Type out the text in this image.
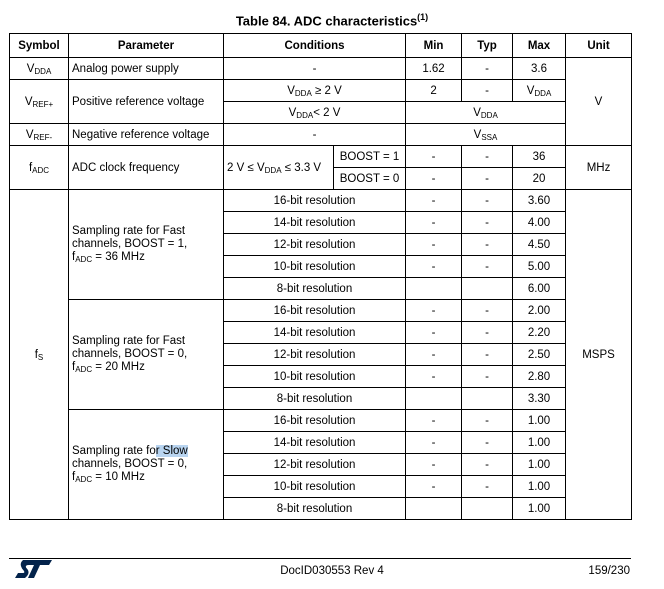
Table 84. ADC characteristics$^{(1)}$
Symbol	Parameter	Conditions		Min	Typ	Max	Unit
$V_{DDA}$	Analog power supply	-		1.62	-	3.6	V
$V_{REF+}$	Positive reference voltage	$V_{DDA} \ge 2$ V		2	-	$V_{DDA}$
		$V_{DDA}< 2$ V		$V_{DDA}$
$V_{REF-}$	Negative reference voltage	-		$V_{SSA}$
$f_{ADC}$	ADC clock frequency	2 $V \le V_{DDA} \le 3.3$ V	BOOST = 1	-	-	36	MHz
			BOOST = 0	-	-	20	
$f_S$	Sampling rate for Fast
channels, BOOST = 1,
$f_{ADC} = 36$ MHz	16-bit resolution		-	-	3.60	MSPS
		14-bit resolution		-	-	4.00	
		12-bit resolution		-	-	4.50	
		10-bit resolution		-	-	5.00	
		8-bit resolution				6.00	
	Sampling rate for Fast
channels, BOOST = 0,
$f_{ADC} = 20$ MHz	16-bit resolution		-	-	2.00	
		14-bit resolution		-	-	2.20	
		12-bit resolution		-	-	2.50	
		10-bit resolution		-	-	2.80	
		8-bit resolution				3.30	
	Sampling rate for Slow
channels, BOOST = 0,
$f_{ADC} = 10$ MHz	16-bit resolution		-	-	1.00	
		14-bit resolution		-	-	1.00	
		12-bit resolution		-	-	1.00	
		10-bit resolution		-	-	1.00	
		8-bit resolution				1.00	
DocID030553 Rev 4	159/230
